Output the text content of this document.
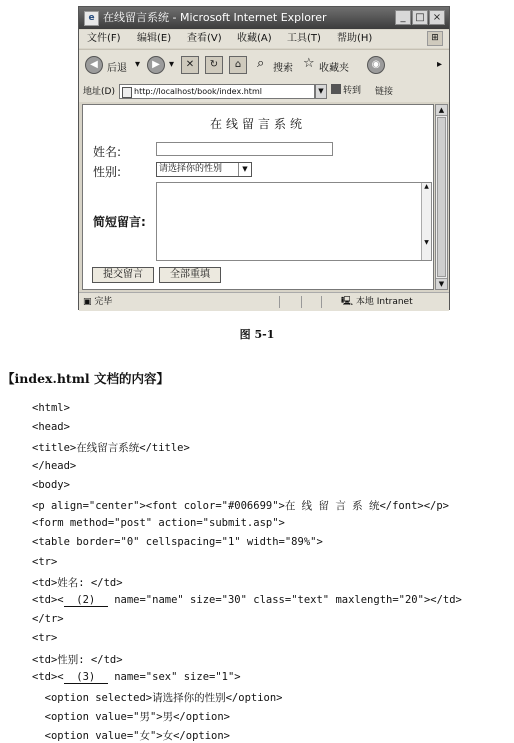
e 在线留言系统 - Microsoft Internet Explorer	_ □ ×
文件(F) 编辑(E) 查看(V) 收藏(A) 工具(T) 帮助(H)	⊞
◀ 后退 ▾	▶ ▾	✕	↻	⌂	⌕ 搜索 ☆ 收藏夹	◉	▸
地址(D)	http://localhost/book/index.html	▼	转到	链接
在线留言系统
姓名:
性别:	请选择你的性别	▼
简短留言:
▲

▼
提交留言	全部重填
▲
▼
▣ 完毕	🖳 本地 Intranet
图 5-1
【index.html 文档的内容】
<html>
<head>
<title>在线留言系统</title>
</head>
<body>
<p align="center"><font color="#006699">在 线 留 言 系 统</font></p>
<form method="post" action="submit.asp">
<table border="0" cellspacing="1" width="89%">
<tr>
<td>姓名: </td>
<td><  (2)   name="name" size="30" class="text" maxlength="20"></td>
</tr>
<tr>
<td>性别: </td>
<td><  (3)   name="sex" size="1">
<option selected>请选择你的性别</option>
<option value="男">男</option>
<option value="女">女</option>
